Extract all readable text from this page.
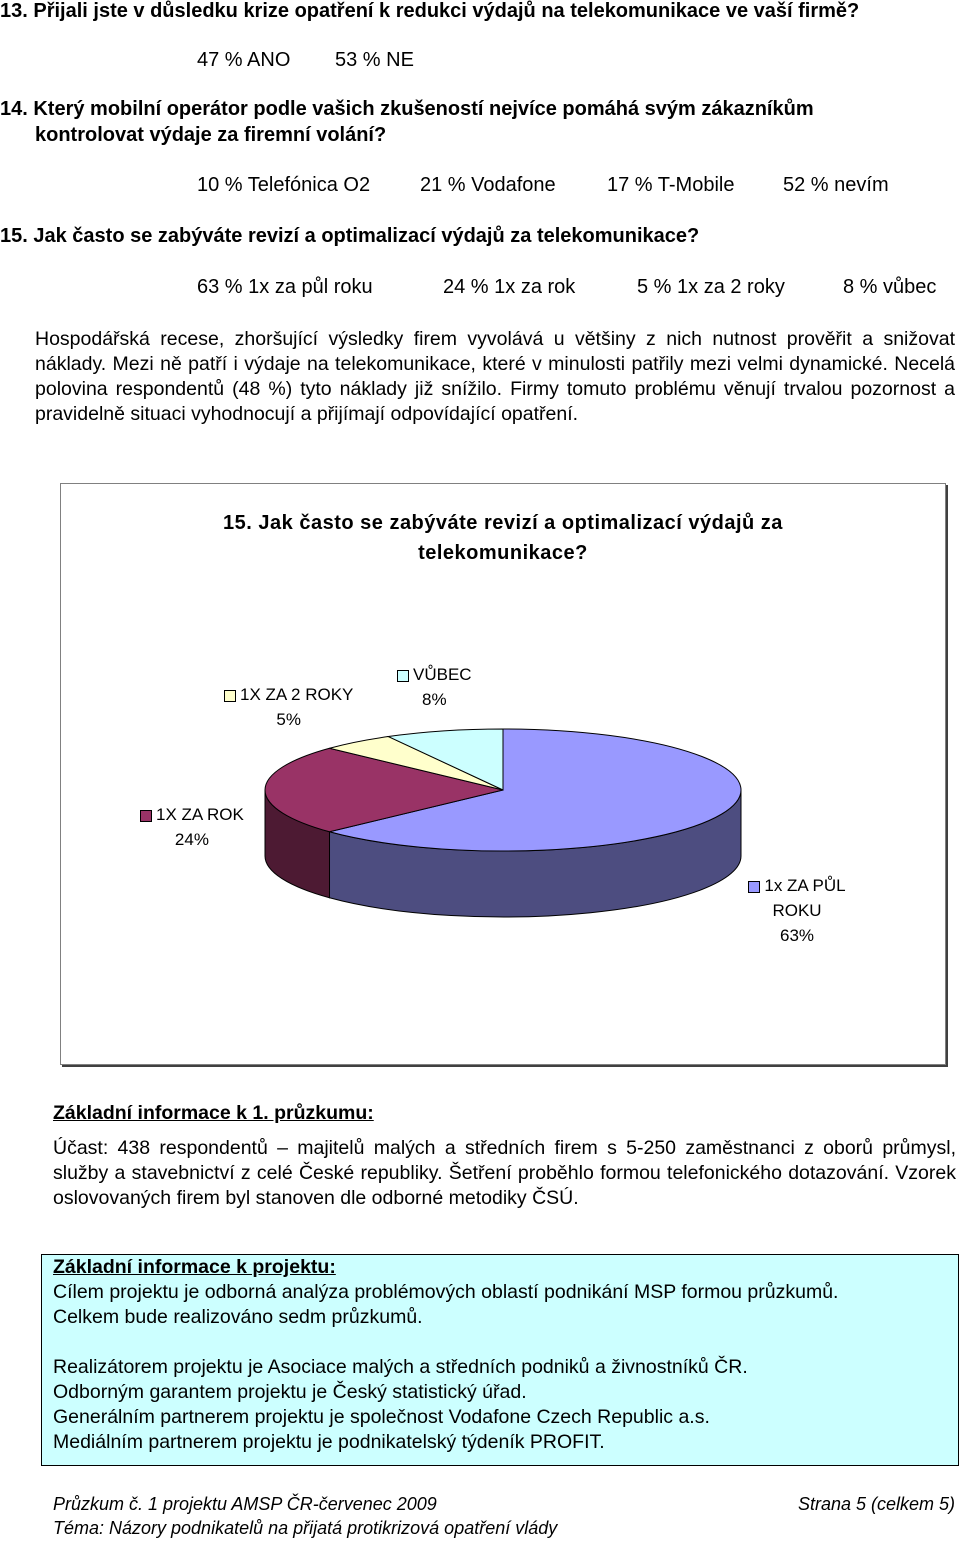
13. Přijali jste v důsledku krize opatření k redukci výdajů na telekomunikace ve vaší firmě?
47 % ANO 53 % NE
14. Který mobilní operátor podle vašich zkušeností nejvíce pomáhá svým zákazníkům
kontrolovat výdaje za firemní volání?
10 % Telefónica O2 21 % Vodafone	17 % T-Mobile 52 % nevím
15. Jak často se zabýváte revizí a optimalizací výdajů za telekomunikace?
63 % 1x za půl roku	24 % 1x za rok	5 % 1x za 2 roky	8 % vůbec
Hospodářská recese, zhoršující výsledky firem vyvolává u většiny z nich nutnost prověřit a snižovat náklady. Mezi ně patří i výdaje na telekomunikace, které v minulosti patřily mezi velmi dynamické. Necelá polovina respondentů (48 %) tyto náklady již snížilo. Firmy tomuto problému věnují trvalou pozornost a pravidelně situaci vyhodnocují a přijímají odpovídající opatření.
15. Jak často se zabýváte revizí a optimalizací výdajů za
telekomunikace?
1X ZA 2 ROKY
5%
VŮBEC
8%
1X ZA ROK
24%
1x ZA PŮL ROKU
63%
Základní informace k 1. průzkumu:
Účast: 438 respondentů – majitelů malých a středních firem s 5-250 zaměstnanci z oborů průmysl, služby a stavebnictví z celé České republiky. Šetření proběhlo formou telefonického dotazování. Vzorek oslovovaných firem byl stanoven dle odborné metodiky ČSÚ.
Základní informace k projektu:
Cílem projektu je odborná analýza problémových oblastí podnikání MSP formou průzkumů.
Celkem bude realizováno sedm průzkumů.
Realizátorem projektu je Asociace malých a středních podniků a živnostníků ČR.
Odborným garantem projektu je Český statistický úřad.
Generálním partnerem projektu je společnost Vodafone Czech Republic a.s.
Mediálním partnerem projektu je podnikatelský týdeník PROFIT.
Průzkum č. 1 projektu AMSP ČR-červenec 2009	Strana 5 (celkem 5)
Téma: Názory podnikatelů na přijatá protikrizová opatření vlády
